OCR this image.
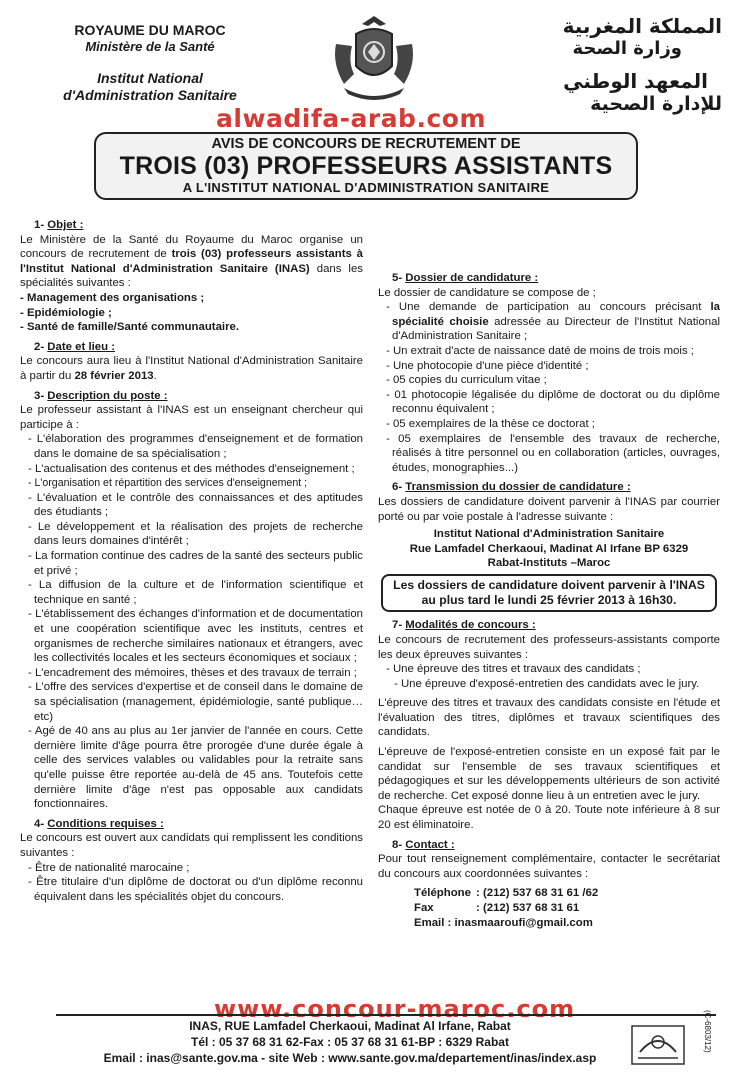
ROYAUME DU MAROC
Ministère de la Santé
Institut National
d'Administration Sanitaire
المملكة المغربية
وزارة الصحة
المعهد الوطني
للإدارة الصحية
AVIS DE CONCOURS DE RECRUTEMENT DE
TROIS (03) PROFESSEURS ASSISTANTS
A L'INSTITUT NATIONAL D'ADMINISTRATION SANITAIRE
alwadifa-arab.com
1- Objet :
Le Ministère de la Santé du Royaume du Maroc organise un concours de recrutement de trois (03) professeurs assistants à l'Institut National d'Administration Sanitaire (INAS) dans les spécialités suivantes :
- Management des organisations ;
- Epidémiologie ;
- Santé de famille/Santé communautaire.
2- Date et lieu :
Le concours aura lieu à l'Institut National d'Administration Sanitaire à partir du 28 février 2013.
3- Description du poste :
Le professeur assistant à l'INAS est un enseignant chercheur qui participe à :
- L'élaboration des programmes d'enseignement et de formation dans le domaine de sa spécialisation ;
- L'actualisation des contenus et des méthodes d'enseignement ;
- L'organisation et répartition des services d'enseignement ;
- L'évaluation et le contrôle des connaissances et des aptitudes des étudiants ;
- Le développement et la réalisation des projets de recherche dans leurs domaines d'intérêt ;
- La formation continue des cadres de la santé des secteurs public et privé ;
- La diffusion de la culture et de l'information scientifique et technique en santé ;
- L'établissement des échanges d'information et de documentation et une coopération scientifique avec les instituts, centres et organismes de recherche similaires nationaux et étrangers, avec les collectivités locales et les secteurs économiques et sociaux ;
- L'encadrement des mémoires, thèses et des travaux de terrain ;
- L'offre des services d'expertise et de conseil dans le domaine de sa spécialisation (management, épidémiologie, santé publique…etc)
- Agé de 40 ans au plus au 1er janvier de l'année en cours. Cette dernière limite d'âge pourra être prorogée d'une durée égale à celle des services valables ou validables pour la retraite sans qu'elle puisse être reportée au-delà de 45 ans. Toutefois cette dernière limite d'âge n'est pas opposable aux candidats fonctionnaires.
4- Conditions requises :
Le concours est ouvert aux candidats qui remplissent les conditions suivantes :
- Être de nationalité marocaine ;
- Être titulaire d'un diplôme de doctorat ou d'un diplôme reconnu équivalent dans les spécialités objet du concours.
5- Dossier de candidature :
Le dossier de candidature se compose de ;
- Une demande de participation au concours précisant la spécialité choisie adressée au Directeur de l'Institut National d'Administration Sanitaire ;
- Un extrait d'acte de naissance daté de moins de trois mois ;
- Une photocopie d'une pièce d'identité ;
- 05 copies du curriculum vitae ;
- 01 photocopie légalisée du diplôme de doctorat ou du diplôme reconnu équivalent ;
- 05 exemplaires de la thèse ce doctorat ;
- 05 exemplaires de l'ensemble des travaux de recherche, réalisés à titre personnel ou en collaboration (articles, ouvrages, études, monographies...)
6- Transmission du dossier de candidature :
Les dossiers de candidature doivent parvenir à l'INAS par courrier porté ou par voie postale à l'adresse suivante :
Institut National d'Administration Sanitaire
Rue Lamfadel Cherkaoui, Madinat Al Irfane BP 6329
Rabat-Instituts –Maroc
Les dossiers de candidature doivent parvenir à l'INAS au plus tard le lundi 25 février 2013 à 16h30.
7- Modalités de concours :
Le concours de recrutement des professeurs-assistants comporte les deux épreuves suivantes :
- Une épreuve des titres et travaux des candidats ;
- Une épreuve d'exposé-entretien des candidats avec le jury.
L'épreuve des titres et travaux des candidats consiste en l'étude et l'évaluation des titres, diplômes et travaux scientifiques des candidats.
L'épreuve de l'exposé-entretien consiste en un exposé fait par le candidat sur l'ensemble de ses travaux scientifiques et pédagogiques et sur les développements ultérieurs de son activité de recherche. Cet exposé donne lieu à un entretien avec le jury.
Chaque épreuve est notée de 0 à 20. Toute note inférieure à 8 sur 20 est éliminatoire.
8- Contact :
Pour tout renseignement complémentaire, contacter le secrétariat du concours aux coordonnées suivantes :
Téléphone : (212) 537 68 31 61 /62
Fax	: (212) 537 68 31 61
Email : inasmaaroufi@gmail.com
www.concour-maroc.com
INAS, RUE Lamfadel Cherkaoui, Madinat Al Irfane, Rabat
Tél : 05 37 68 31 62-Fax : 05 37 68 31 61-BP : 6329 Rabat
Email : inas@sante.gov.ma - site Web : www.sante.gov.ma/departement/inas/index.asp
(C-6803/12)
